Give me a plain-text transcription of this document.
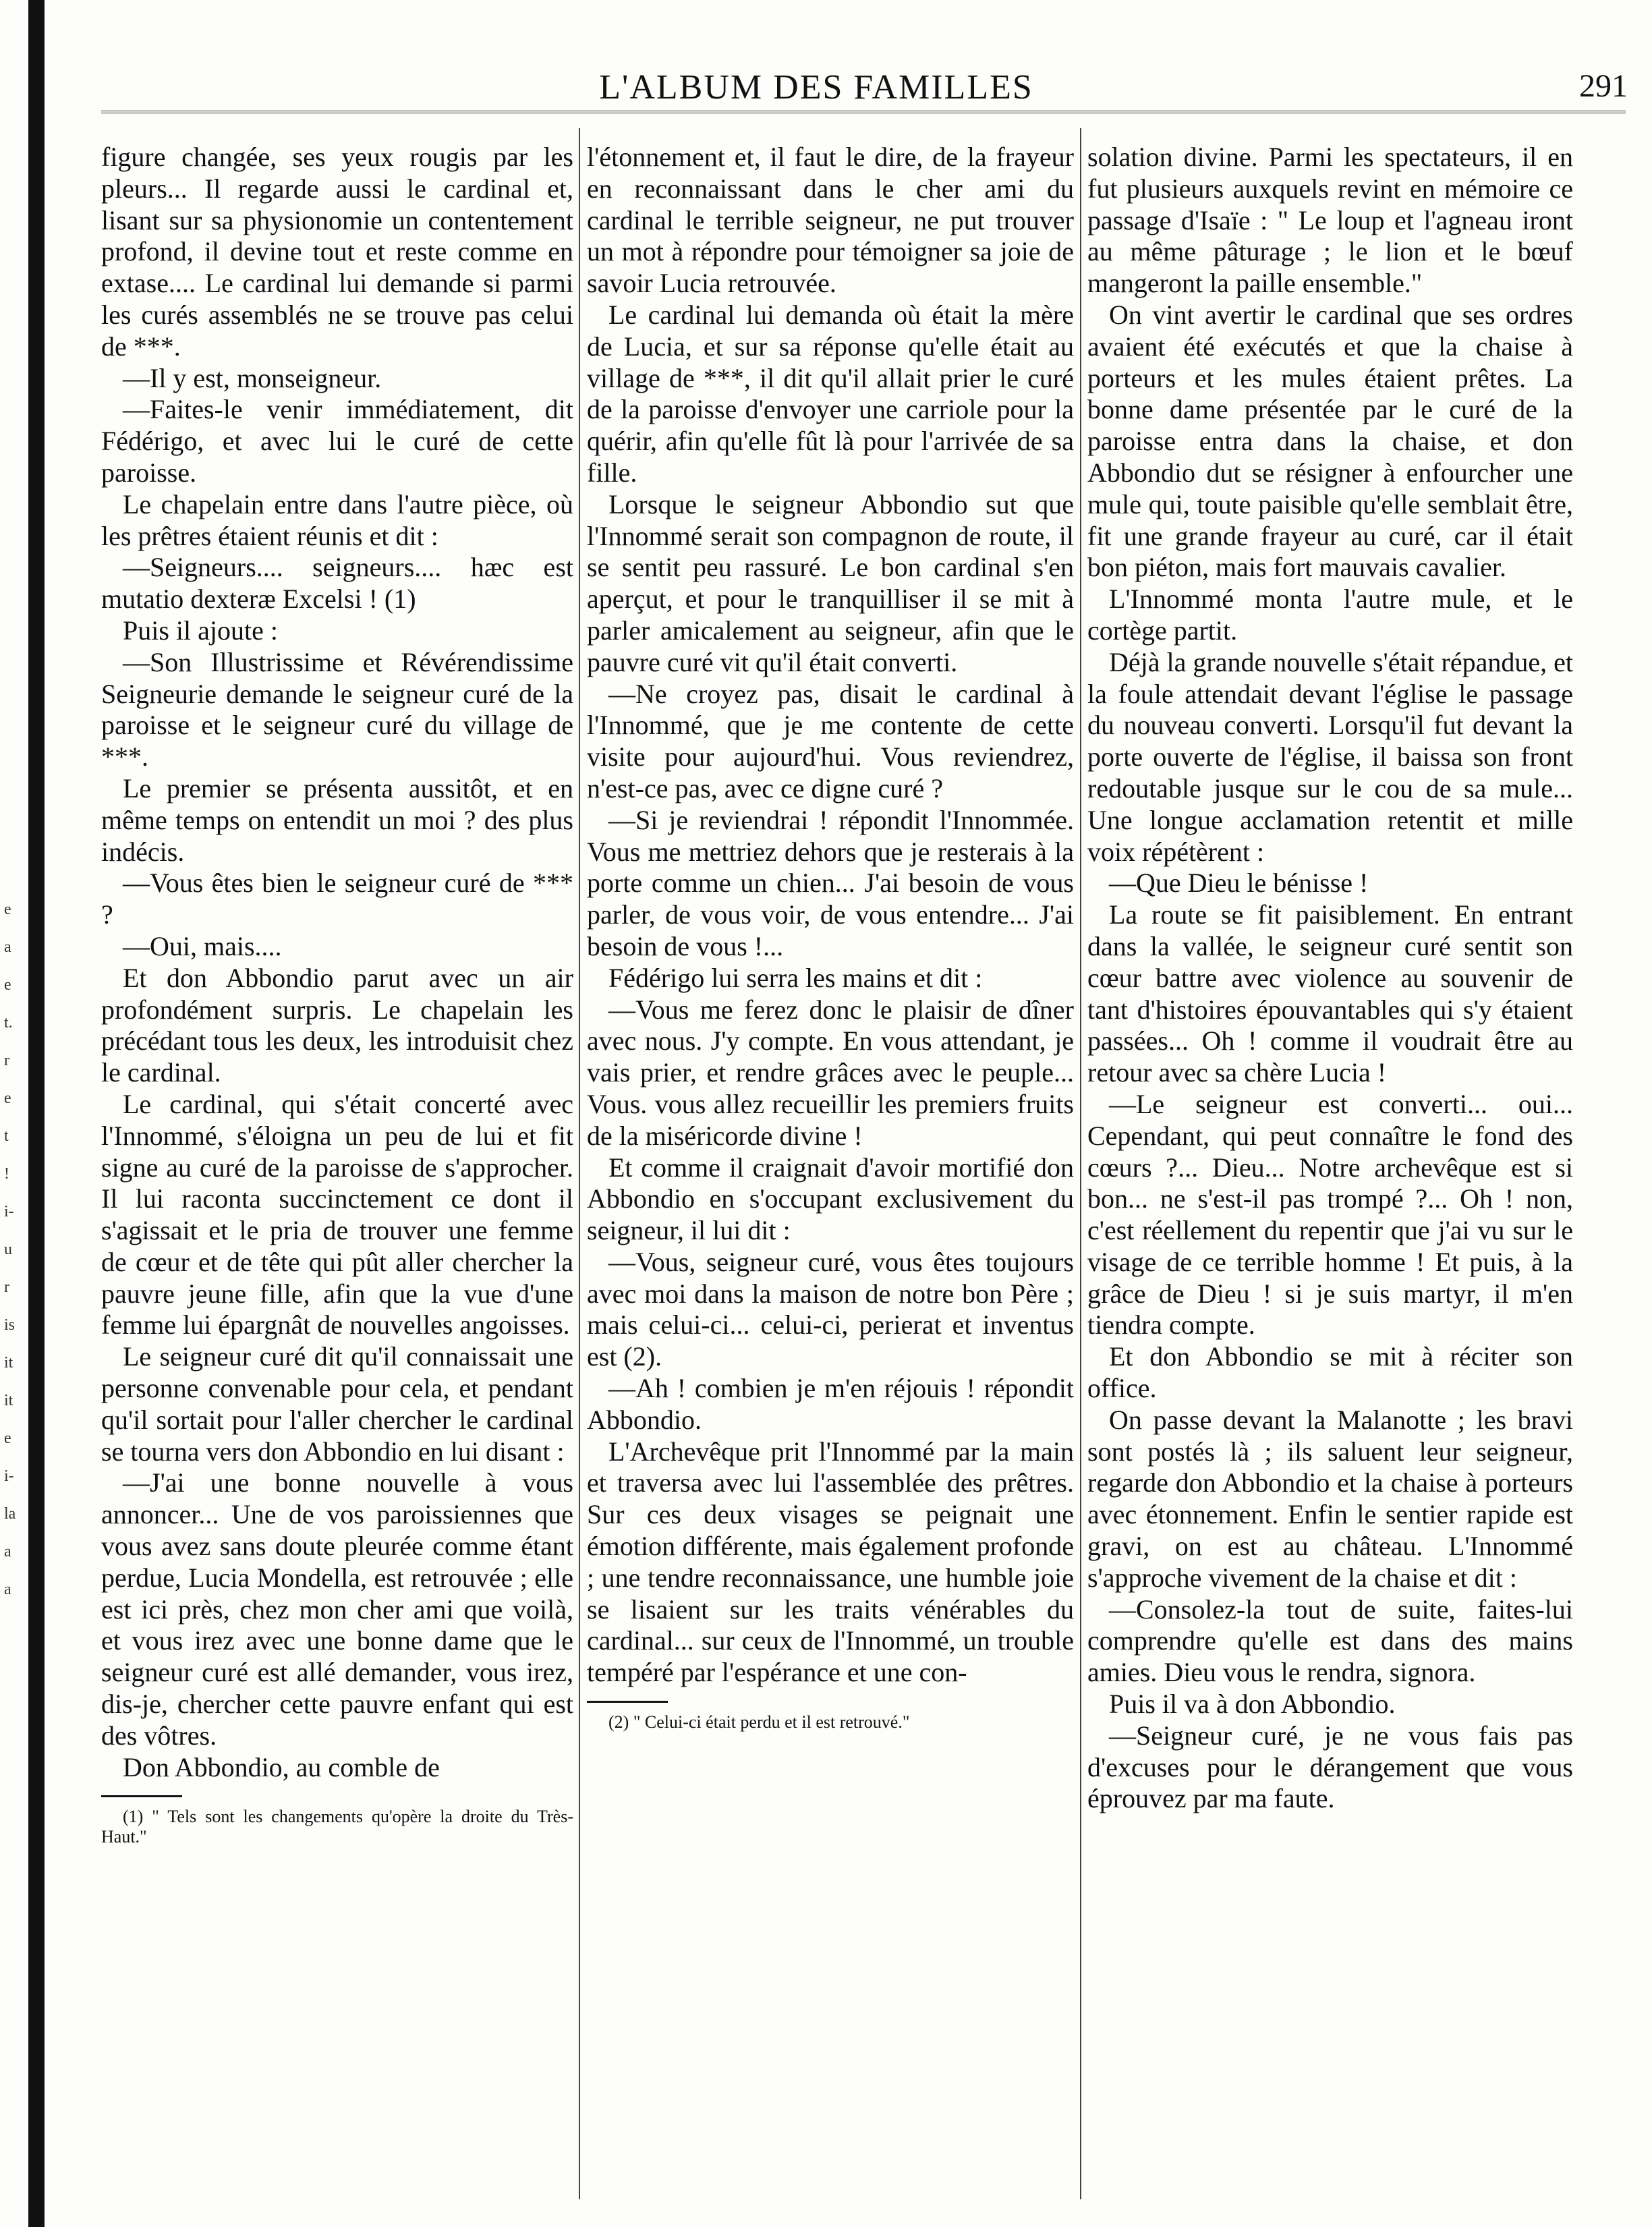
e
a
e
t.
r
e
t
!
i-
u
r
is
it
it
e
i-
la
a
a
L'ALBUM DES FAMILLES	291

figure changée, ses yeux rougis par les pleurs... Il regarde aussi le cardinal et, lisant sur sa physionomie un contentement profond, il devine tout et reste comme en extase.... Le cardinal lui demande si parmi les curés assemblés ne se trouve pas celui de ***.

—Il y est, monseigneur.

—Faites-le venir immédiatement, dit Fédérigo, et avec lui le curé de cette paroisse.

Le chapelain entre dans l'autre pièce, où les prêtres étaient réunis et dit :

—Seigneurs.... seigneurs.... hæc est mutatio dexteræ Excelsi ! (1)

Puis il ajoute :

—Son Illustrissime et Révérendissime Seigneurie demande le seigneur curé de la paroisse et le seigneur curé du village de ***.

Le premier se présenta aussitôt, et en même temps on entendit un moi ? des plus indécis.

—Vous êtes bien le seigneur curé de *** ?

—Oui, mais....

Et don Abbondio parut avec un air profondément surpris. Le chapelain les précédant tous les deux, les introduisit chez le cardinal.

Le cardinal, qui s'était concerté avec l'Innommé, s'éloigna un peu de lui et fit signe au curé de la paroisse de s'approcher. Il lui raconta succinctement ce dont il s'agissait et le pria de trouver une femme de cœur et de tête qui pût aller chercher la pauvre jeune fille, afin que la vue d'une femme lui épargnât de nouvelles angoisses.

Le seigneur curé dit qu'il connaissait une personne convenable pour cela, et pendant qu'il sortait pour l'aller chercher le cardinal se tourna vers don Abbondio en lui disant :

—J'ai une bonne nouvelle à vous annoncer... Une de vos paroissiennes que vous avez sans doute pleurée comme étant perdue, Lucia Mondella, est retrouvée ; elle est ici près, chez mon cher ami que voilà, et vous irez avec une bonne dame que le seigneur curé est allé demander, vous irez, dis-je, chercher cette pauvre enfant qui est des vôtres.

Don Abbondio, au comble de

(1) " Tels sont les changements qu'opère la droite du Très-Haut."

l'étonnement et, il faut le dire, de la frayeur en reconnaissant dans le cher ami du cardinal le terrible seigneur, ne put trouver un mot à répondre pour témoigner sa joie de savoir Lucia retrouvée.

Le cardinal lui demanda où était la mère de Lucia, et sur sa réponse qu'elle était au village de ***, il dit qu'il allait prier le curé de la paroisse d'envoyer une carriole pour la quérir, afin qu'elle fût là pour l'arrivée de sa fille.

Lorsque le seigneur Abbondio sut que l'Innommé serait son compagnon de route, il se sentit peu rassuré. Le bon cardinal s'en aperçut, et pour le tranquilliser il se mit à parler amicalement au seigneur, afin que le pauvre curé vit qu'il était converti.

—Ne croyez pas, disait le cardinal à l'Innommé, que je me contente de cette visite pour aujourd'hui. Vous reviendrez, n'est-ce pas, avec ce digne curé ?

—Si je reviendrai ! répondit l'Innommée. Vous me mettriez dehors que je resterais à la porte comme un chien... J'ai besoin de vous parler, de vous voir, de vous entendre... J'ai besoin de vous !...

Fédérigo lui serra les mains et dit :

—Vous me ferez donc le plaisir de dîner avec nous. J'y compte. En vous attendant, je vais prier, et rendre grâces avec le peuple... Vous. vous allez recueillir les premiers fruits de la miséricorde divine !

Et comme il craignait d'avoir mortifié don Abbondio en s'occupant exclusivement du seigneur, il lui dit :

—Vous, seigneur curé, vous êtes toujours avec moi dans la maison de notre bon Père ; mais celui-ci... celui-ci, perierat et inventus est (2).

—Ah ! combien je m'en réjouis ! répondit Abbondio.

L'Archevêque prit l'Innommé par la main et traversa avec lui l'assemblée des prêtres. Sur ces deux visages se peignait une émotion différente, mais également profonde ; une tendre reconnaissance, une humble joie se lisaient sur les traits vénérables du cardinal... sur ceux de l'Innommé, un trouble tempéré par l'espérance et une con-

(2) " Celui-ci était perdu et il est retrouvé."

solation divine. Parmi les spectateurs, il en fut plusieurs auxquels revint en mémoire ce passage d'Isaïe : " Le loup et l'agneau iront au même pâturage ; le lion et le bœuf mangeront la paille ensemble."

On vint avertir le cardinal que ses ordres avaient été exécutés et que la chaise à porteurs et les mules étaient prêtes. La bonne dame présentée par le curé de la paroisse entra dans la chaise, et don Abbondio dut se résigner à enfourcher une mule qui, toute paisible qu'elle semblait être, fit une grande frayeur au curé, car il était bon piéton, mais fort mauvais cavalier.

L'Innommé monta l'autre mule, et le cortège partit.

Déjà la grande nouvelle s'était répandue, et la foule attendait devant l'église le passage du nouveau converti. Lorsqu'il fut devant la porte ouverte de l'église, il baissa son front redoutable jusque sur le cou de sa mule... Une longue acclamation retentit et mille voix répétèrent :

—Que Dieu le bénisse !

La route se fit paisiblement. En entrant dans la vallée, le seigneur curé sentit son cœur battre avec violence au souvenir de tant d'histoires épouvantables qui s'y étaient passées... Oh ! comme il voudrait être au retour avec sa chère Lucia !

—Le seigneur est converti... oui... Cependant, qui peut connaître le fond des cœurs ?... Dieu... Notre archevêque est si bon... ne s'est-il pas trompé ?... Oh ! non, c'est réellement du repentir que j'ai vu sur le visage de ce terrible homme ! Et puis, à la grâce de Dieu ! si je suis martyr, il m'en tiendra compte.

Et don Abbondio se mit à réciter son office.

On passe devant la Malanotte ; les bravi sont postés là ; ils saluent leur seigneur, regarde don Abbondio et la chaise à porteurs avec étonnement. Enfin le sentier rapide est gravi, on est au château. L'Innommé s'approche vivement de la chaise et dit :

—Consolez-la tout de suite, faites-lui comprendre qu'elle est dans des mains amies. Dieu vous le rendra, signora.

Puis il va à don Abbondio.

—Seigneur curé, je ne vous fais pas d'excuses pour le dérangement que vous éprouvez par ma faute.
